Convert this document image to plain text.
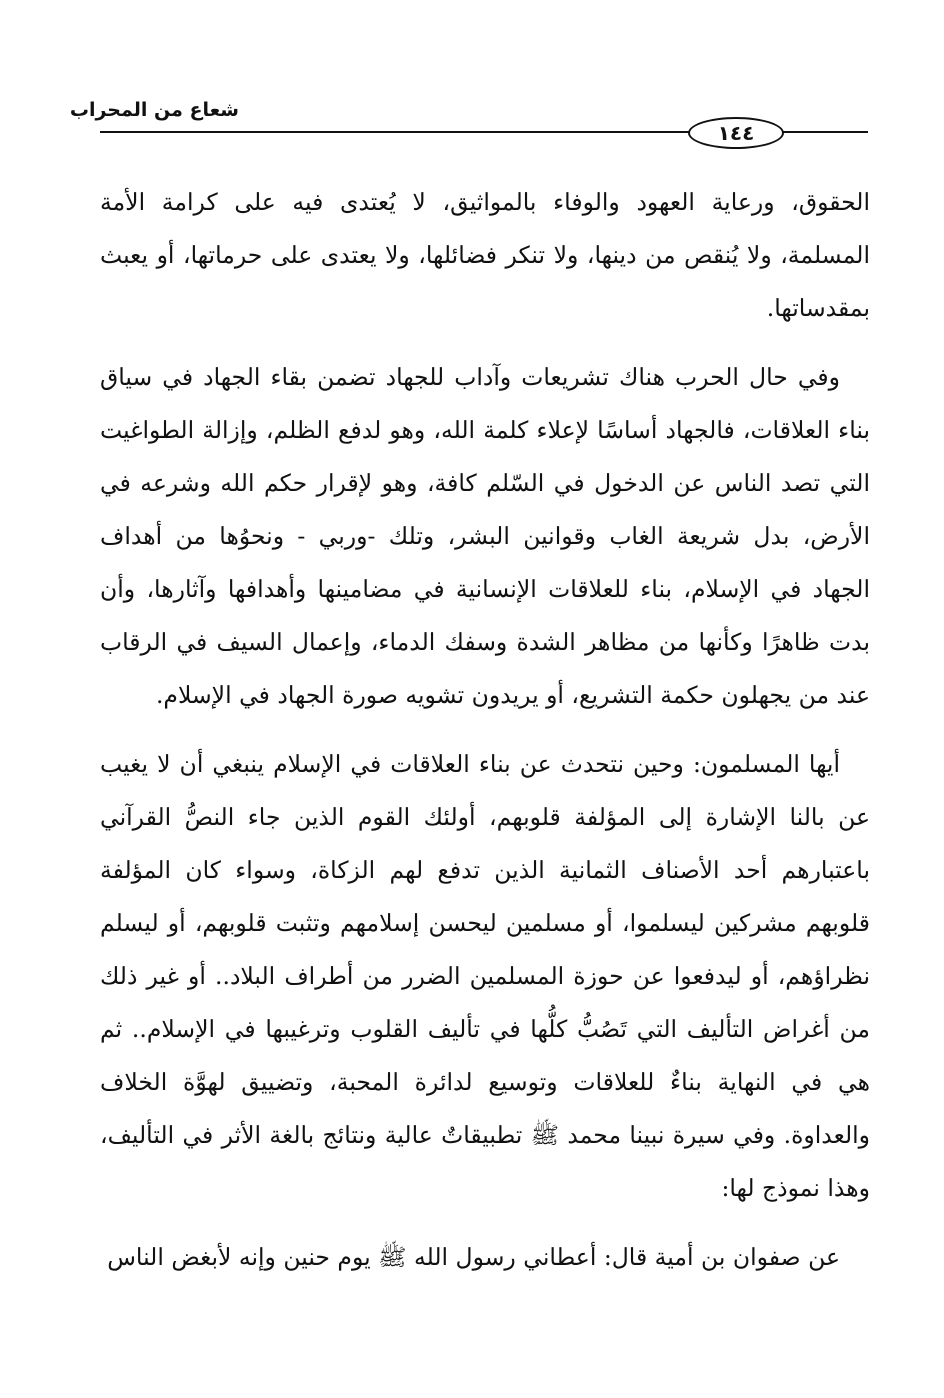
شعاع من المحراب
١٤٤

الحقوق، ورعاية العهود والوفاء بالمواثيق، لا يُعتدى فيه على كرامة الأمة المسلمة، ولا يُنقص من دينها، ولا تنكر فضائلها، ولا يعتدى على حرماتها، أو يعبث بمقدساتها.

وفي حال الحرب هناك تشريعات وآداب للجهاد تضمن بقاء الجهاد في سياق بناء العلاقات، فالجهاد أساسًا لإعلاء كلمة الله، وهو لدفع الظلم، وإزالة الطواغيت التي تصد الناس عن الدخول في السّلم كافة، وهو لإقرار حكم الله وشرعه في الأرض، بدل شريعة الغاب وقوانين البشر، وتلك -وربي - ونحوُها من أهداف الجهاد في الإسلام، بناء للعلاقات الإنسانية في مضامينها وأهدافها وآثارها، وأن بدت ظاهرًا وكأنها من مظاهر الشدة وسفك الدماء، وإعمال السيف في الرقاب عند من يجهلون حكمة التشريع، أو يريدون تشويه صورة الجهاد في الإسلام.

أيها المسلمون: وحين نتحدث عن بناء العلاقات في الإسلام ينبغي أن لا يغيب عن بالنا الإشارة إلى المؤلفة قلوبهم، أولئك القوم الذين جاء النصُّ القرآني باعتبارهم أحد الأصناف الثمانية الذين تدفع لهم الزكاة، وسواء كان المؤلفة قلوبهم مشركين ليسلموا، أو مسلمين ليحسن إسلامهم وتثبت قلوبهم، أو ليسلم نظراؤهم، أو ليدفعوا عن حوزة المسلمين الضرر من أطراف البلاد.. أو غير ذلك من أغراض التأليف التي تَصُبُّ كلُّها في تأليف القلوب وترغيبها في الإسلام.. ثم هي في النهاية بناءٌ للعلاقات وتوسيع لدائرة المحبة، وتضييق لهوَّة الخلاف والعداوة. وفي سيرة نبينا محمد ﷺ تطبيقاتٌ عالية ونتائج بالغة الأثر في التأليف، وهذا نموذج لها:

عن صفوان بن أمية قال: أعطاني رسول الله ﷺ يوم حنين وإنه لأبغض الناس
